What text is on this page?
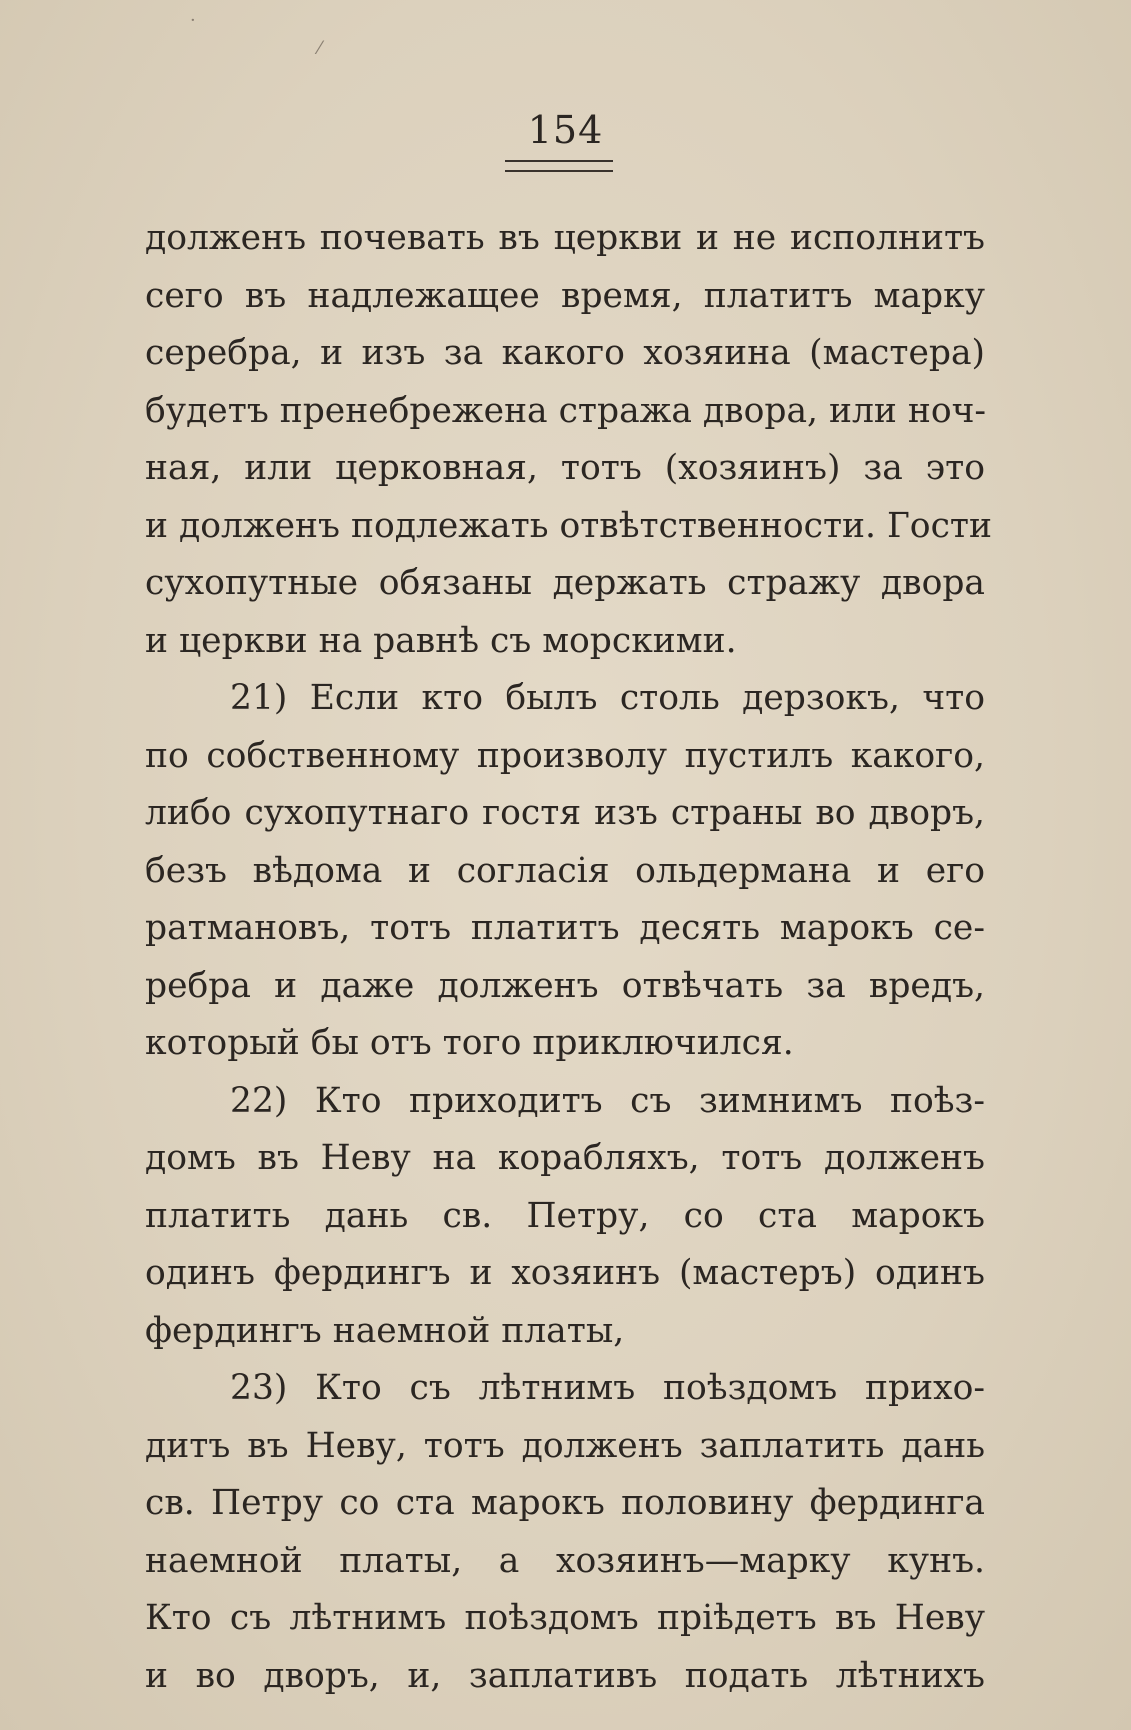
·
⁄
154
долженъ почевать въ церкви и не исполнитъ
сего въ надлежащее время, платитъ марку
серебра, и изъ за какого хозяина (мастера)
будетъ пренебрежена стража двора, или ноч-
ная, или церковная, тотъ (хозяинъ) за это
и долженъ подлежать отвѣтственности. Гости
сухопутные обязаны держать стражу двора
и церкви на равнѣ съ морскими.
21) Если кто былъ столь дерзокъ, что
по собственному произволу пустилъ какого,
либо сухопутнаго гостя изъ страны во дворъ,
безъ вѣдома и согласія ольдермана и его
ратмановъ, тотъ платитъ десять марокъ се-
ребра и даже долженъ отвѣчать за вредъ,
который бы отъ того приключился.
22) Кто приходитъ съ зимнимъ поѣз-
домъ въ Неву на корабляхъ, тотъ долженъ
платить дань св. Петру, со ста марокъ
одинъ фердингъ и хозяинъ (мастеръ) одинъ
фердингъ наемной платы,
23) Кто съ лѣтнимъ поѣздомъ прихо-
дитъ въ Неву, тотъ долженъ заплатить дань
св. Петру со ста марокъ половину фердинга
наемной платы, а хозяинъ—марку кунъ.
Кто съ лѣтнимъ поѣздомъ пріѣдетъ въ Неву
и во дворъ, и, заплативъ подать лѣтнихъ
